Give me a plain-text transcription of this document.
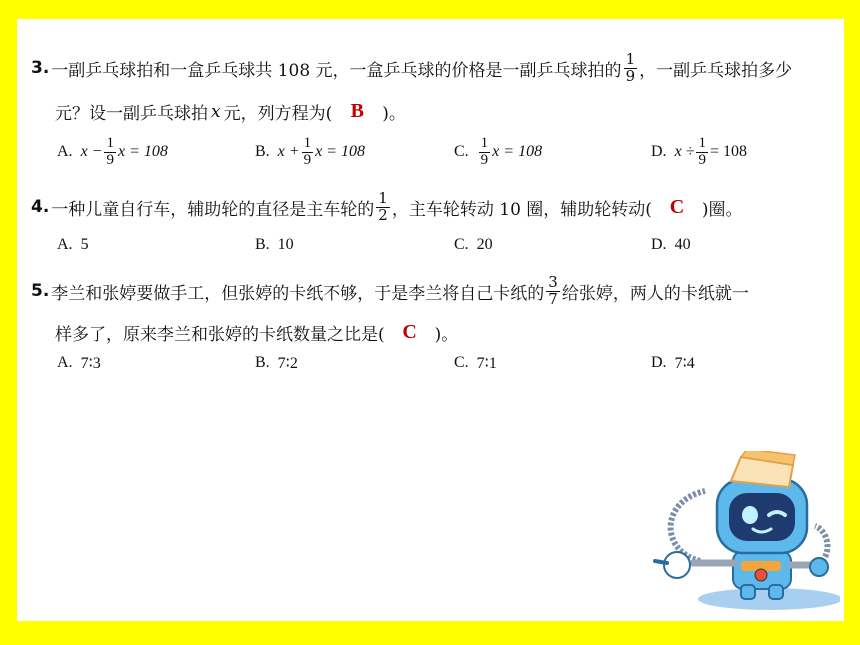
3. 一副乒乓球拍和一盒乒乓球共 108 元，一盒乒乓球的价格是一副乒乓球拍的 $\frac{1}{9}$ ，一副乒乓球拍多少
元？设一副乒乓球拍 x 元，列方程为( B	)。
A. $x - \frac{1}{9}$ x = 108	B. $x + \frac{1}{9}$ x = 108	C. $\frac{1}{9}$ x = 108	D. $x \div \frac{1}{9} = 108$
4. 一种儿童自行车，辅助轮的直径是主车轮的 $\frac{1}{2}$ ，主车轮转动 10 圈，辅助轮转动( C	)圈。
A. 5	B. 10	C. 20	D. 40
5. 李兰和张婷要做手工，但张婷的卡纸不够，于是李兰将自己卡纸的 $\frac{3}{7}$ 给张婷，两人的卡纸就一
样多了，原来李兰和张婷的卡纸数量之比是( C	)。
A. 7∶3	B. 7∶2	C. 7∶1	D. 7∶4
